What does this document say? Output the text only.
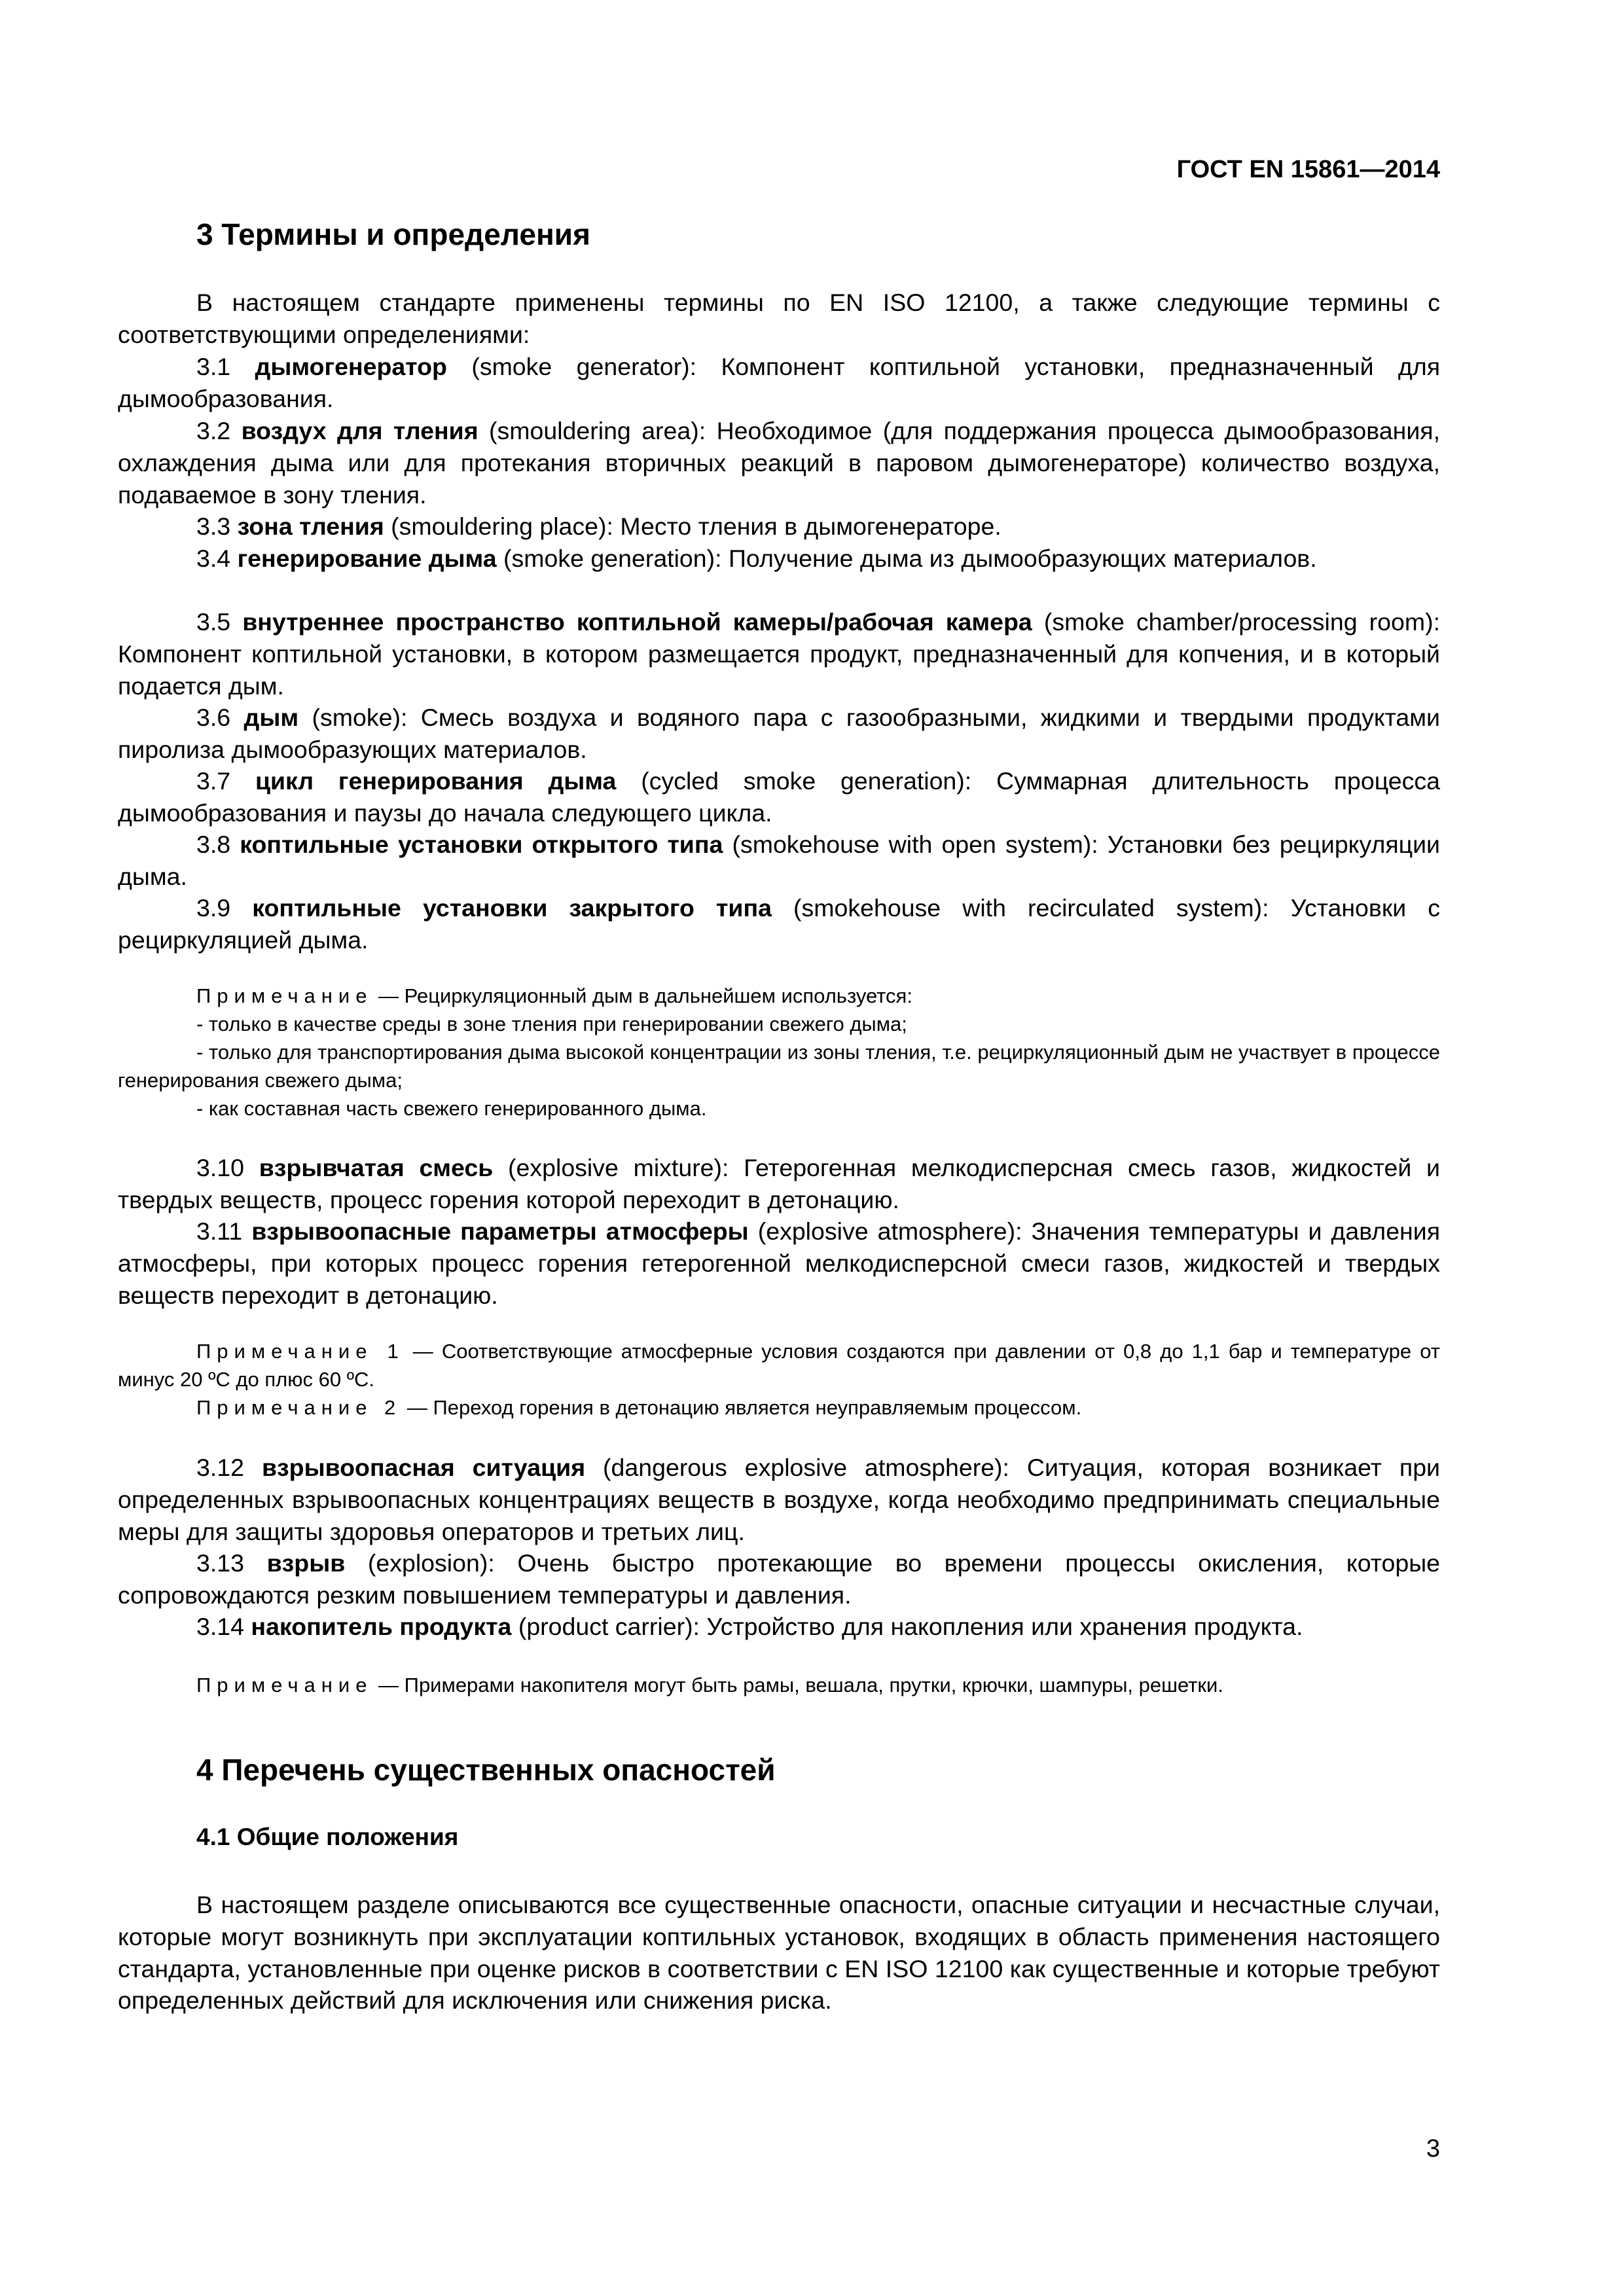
ГОСТ EN 15861—2014
3 Термины и определения
В настоящем стандарте применены термины по EN ISO 12100, а также следующие термины с соответствующими определениями:
3.1 дымогенератор (smoke generator): Компонент коптильной установки, предназначенный для дымообразования.
3.2 воздух для тления (smouldering area): Необходимое (для поддержания процесса дымообразования, охлаждения дыма или для протекания вторичных реакций в паровом дымогенераторе) количество воздуха, подаваемое в зону тления.
3.3 зона тления (smouldering place): Место тления в дымогенераторе.
3.4 генерирование дыма (smoke generation): Получение дыма из дымообразующих материалов.
3.5 внутреннее пространство коптильной камеры/рабочая камера (smoke chamber/processing room): Компонент коптильной установки, в котором размещается продукт, предназначенный для копчения, и в который подается дым.
3.6 дым (smoke): Смесь воздуха и водяного пара с газообразными, жидкими и твердыми продуктами пиролиза дымообразующих материалов.
3.7 цикл генерирования дыма (cycled smoke generation): Суммарная длительность процесса дымообразования и паузы до начала следующего цикла.
3.8 коптильные установки открытого типа (smokehouse with open system): Установки без рециркуляции дыма.
3.9 коптильные установки закрытого типа (smokehouse with recirculated system): Установки с рециркуляцией дыма.
Примечание — Рециркуляционный дым в дальнейшем используется:
- только в качестве среды в зоне тления при генерировании свежего дыма;
- только для транспортирования дыма высокой концентрации из зоны тления, т.е. рециркуляционный дым не участвует в процессе генерирования свежего дыма;
- как составная часть свежего генерированного дыма.
3.10 взрывчатая смесь (explosive mixture): Гетерогенная мелкодисперсная смесь газов, жидкостей и твердых веществ, процесс горения которой переходит в детонацию.
3.11 взрывоопасные параметры атмосферы (explosive atmosphere): Значения температуры и давления атмосферы, при которых процесс горения гетерогенной мелкодисперсной смеси газов, жидкостей и твердых веществ переходит в детонацию.
Примечание 1 — Соответствующие атмосферные условия создаются при давлении от 0,8 до 1,1 бар и температуре от минус 20 ºС до плюс 60 ºС.
Примечание 2 — Переход горения в детонацию является неуправляемым процессом.
3.12 взрывоопасная ситуация (dangerous explosive atmosphere): Ситуация, которая возникает при определенных взрывоопасных концентрациях веществ в воздухе, когда необходимо предпринимать специальные меры для защиты здоровья операторов и третьих лиц.
3.13 взрыв (explosion): Очень быстро протекающие во времени процессы окисления, которые сопровождаются резким повышением температуры и давления.
3.14 накопитель продукта (product carrier): Устройство для накопления или хранения продукта.
Примечание — Примерами накопителя могут быть рамы, вешала, прутки, крючки, шампуры, решетки.
4 Перечень существенных опасностей
4.1 Общие положения
В настоящем разделе описываются все существенные опасности, опасные ситуации и несчастные случаи, которые могут возникнуть при эксплуатации коптильных установок, входящих в область применения настоящего стандарта, установленные при оценке рисков в соответствии с EN ISO 12100 как существенные и которые требуют определенных действий для исключения или снижения риска.
3
